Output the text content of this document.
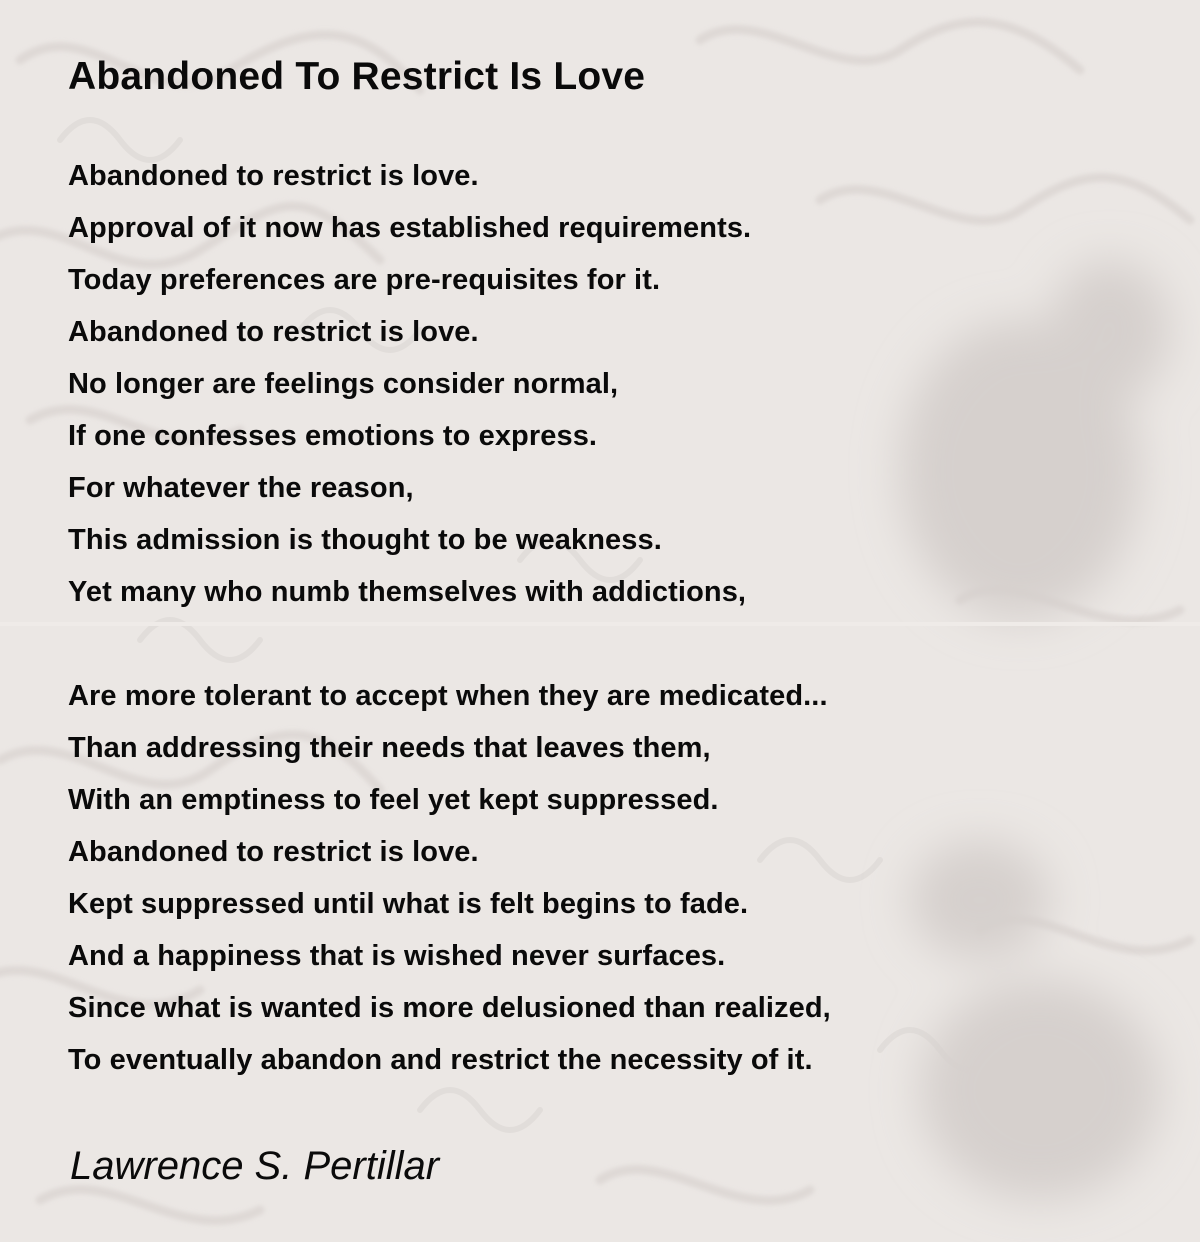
Abandoned To Restrict Is Love
Abandoned to restrict is love.
Approval of it now has established requirements.
Today preferences are pre-requisites for it.
Abandoned to restrict is love.
No longer are feelings consider normal,
If one confesses emotions to express.
For whatever the reason,
This admission is thought to be weakness.
Yet many who numb themselves with addictions,
Are more tolerant to accept when they are medicated...
Than addressing their needs that leaves them,
With an emptiness to feel yet kept suppressed.
Abandoned to restrict is love.
Kept suppressed until what is felt begins to fade.
And a happiness that is wished never surfaces.
Since what is wanted is more delusioned than realized,
To eventually abandon and restrict the necessity of it.

Lawrence S. Pertillar
